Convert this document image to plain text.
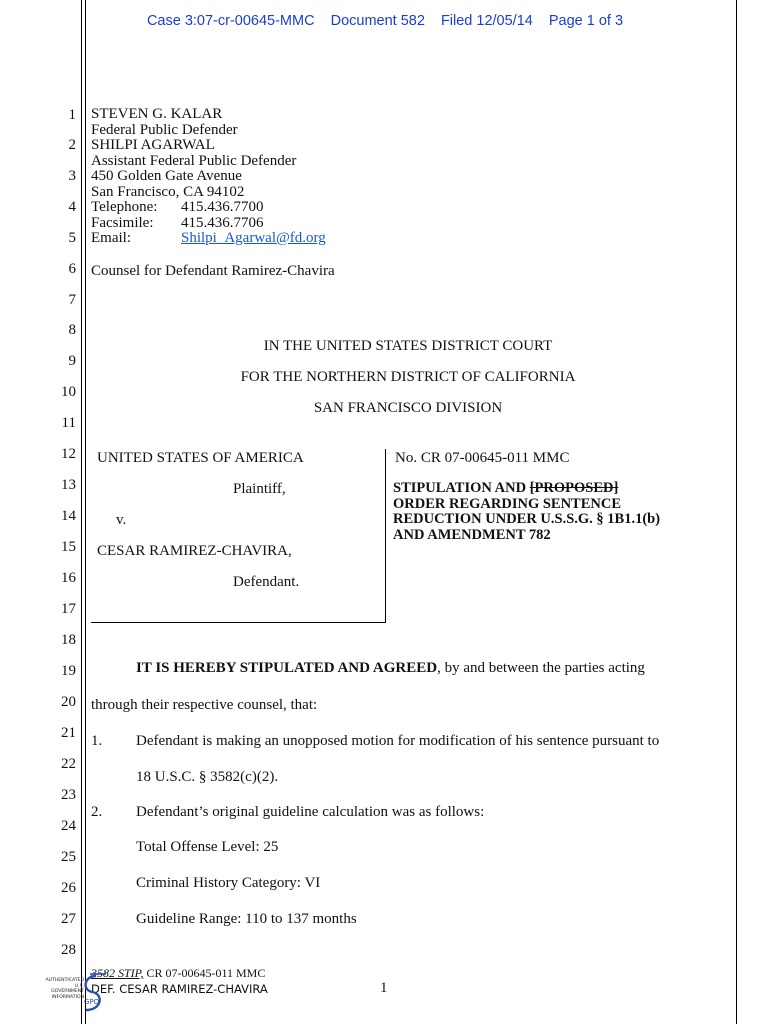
Case 3:07-cr-00645-MMC Document 582 Filed 12/05/14 Page 1 of 3
1
2
3
4
5
6
7
8
9
10
11
12
13
14
15
16
17
18
19
20
21
22
23
24
25
26
27
28
STEVEN G. KALAR
Federal Public Defender
SHILPI AGARWAL
Assistant Federal Public Defender
450 Golden Gate Avenue
San Francisco, CA 94102
Telephone: 415.436.7700
Facsimile: 415.436.7706
Email:	Shilpi_Agarwal@fd.org
Counsel for Defendant Ramirez-Chavira
IN THE UNITED STATES DISTRICT COURT
FOR THE NORTHERN DISTRICT OF CALIFORNIA
SAN FRANCISCO DIVISION
UNITED STATES OF AMERICA
Plaintiff,
v.
CESAR RAMIREZ-CHAVIRA,
Defendant.
No. CR 07-00645-011 MMC
STIPULATION AND [PROPOSED]
ORDER REGARDING SENTENCE
REDUCTION UNDER U.S.S.G. § 1B1.1(b)
AND AMENDMENT 782
IT IS HEREBY STIPULATED AND AGREED, by and between the parties acting
through their respective counsel, that:
1. Defendant is making an unopposed motion for modification of his sentence pursuant to
18 U.S.C. § 3582(c)(2).
2. Defendant’s original guideline calculation was as follows:
Total Offense Level: 25
Criminal History Category: VI
Guideline Range: 110 to 137 months
3582 STIP, CR 07-00645-011 MMC
DEF. CESAR RAMIREZ-CHAVIRA	1
AUTHENTICATED
U.S. GOVERNMENT
INFORMATION
GPO
